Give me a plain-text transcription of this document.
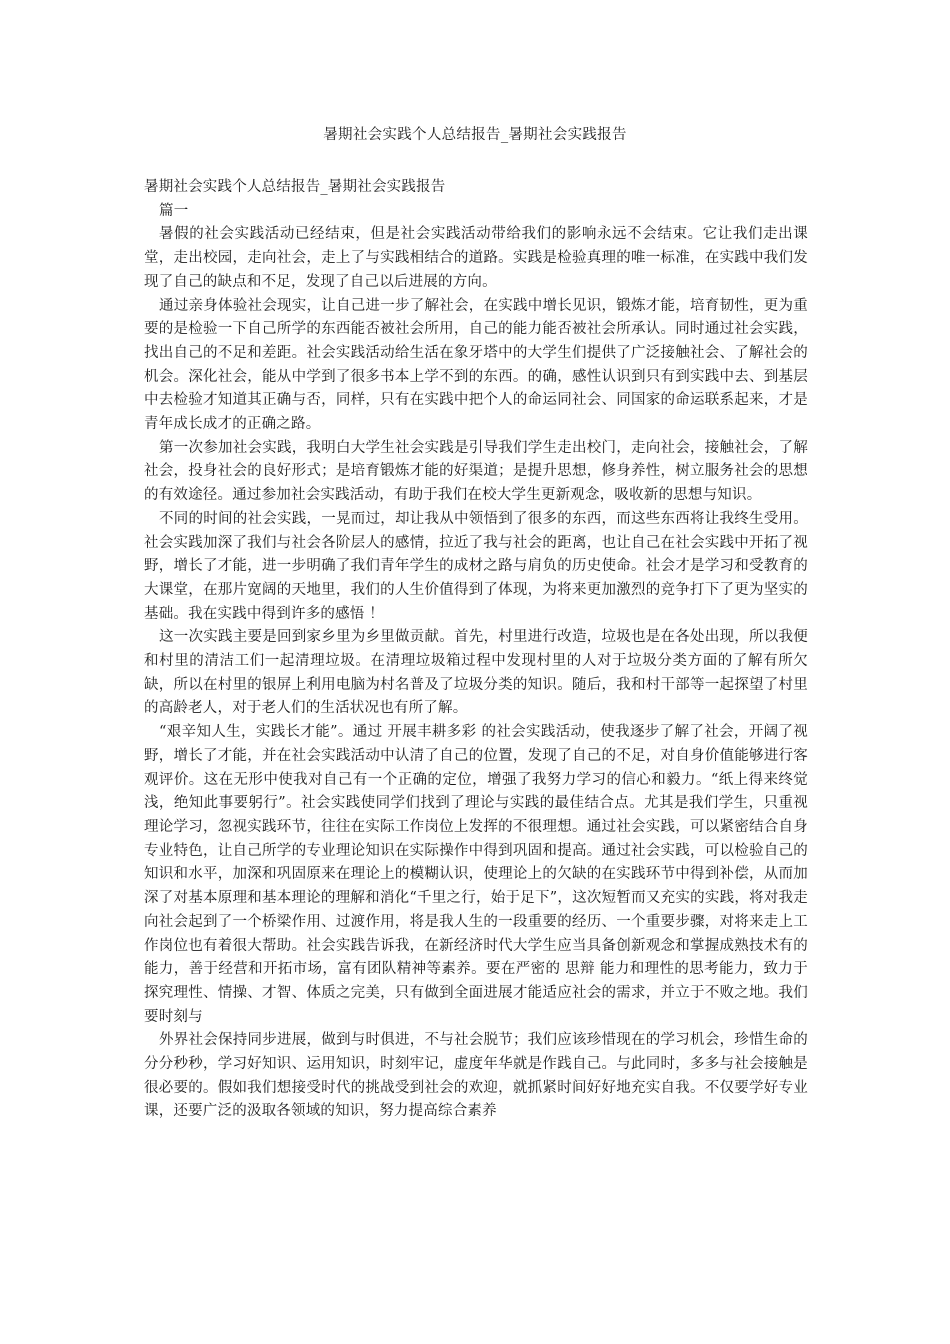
暑期社会实践个人总结报告_暑期社会实践报告

暑期社会实践个人总结报告_暑期社会实践报告

篇一

暑假的社会实践活动已经结束，但是社会实践活动带给我们的影响永远不会结束。它让我们走出课堂，走出校园，走向社会，走上了与实践相结合的道路。实践是检验真理的唯一标准，在实践中我们发现了自己的缺点和不足，发现了自己以后进展的方向。

通过亲身体验社会现实，让自己进一步了解社会，在实践中增长见识，锻炼才能，培育韧性，更为重要的是检验一下自己所学的东西能否被社会所用，自己的能力能否被社会所承认。同时通过社会实践，找出自己的不足和差距。社会实践活动给生活在象牙塔中的大学生们提供了广泛接触社会、了解社会的机会。深化社会，能从中学到了很多书本上学不到的东西。的确，感性认识到只有到实践中去、到基层中去检验才知道其正确与否，同样，只有在实践中把个人的命运同社会、同国家的命运联系起来，才是青年成长成才的正确之路。

第一次参加社会实践，我明白大学生社会实践是引导我们学生走出校门，走向社会，接触社会，了解社会，投身社会的良好形式；是培育锻炼才能的好渠道；是提升思想，修身养性，树立服务社会的思想的有效途径。通过参加社会实践活动，有助于我们在校大学生更新观念，吸收新的思想与知识。

不同的时间的社会实践，一晃而过，却让我从中领悟到了很多的东西，而这些东西将让我终生受用。社会实践加深了我们与社会各阶层人的感情，拉近了我与社会的距离，也让自己在社会实践中开拓了视野，增长了才能，进一步明确了我们青年学生的成材之路与肩负的历史使命。社会才是学习和受教育的大课堂，在那片宽阔的天地里，我们的人生价值得到了体现，为将来更加激烈的竞争打下了更为坚实的基础。我在实践中得到许多的感悟 ！

这一次实践主要是回到家乡里为乡里做贡献。首先，村里进行改造，垃圾也是在各处出现，所以我便和村里的清洁工们一起清理垃圾。在清理垃圾箱过程中发现村里的人对于垃圾分类方面的了解有所欠缺，所以在村里的银屏上利用电脑为村名普及了垃圾分类的知识。随后，我和村干部等一起探望了村里的高龄老人，对于老人们的生活状况也有所了解。

“艰辛知人生，实践长才能”。通过 开展丰耕多彩 的社会实践活动，使我逐步了解了社会，开阔了视野，增长了才能，并在社会实践活动中认清了自己的位置，发现了自己的不足，对自身价值能够进行客观评价。这在无形中使我对自己有一个正确的定位，增强了我努力学习的信心和毅力。“纸上得来终觉浅，绝知此事要躬行”。社会实践使同学们找到了理论与实践的最佳结合点。尤其是我们学生，只重视理论学习，忽视实践环节，往往在实际工作岗位上发挥的不很理想。通过社会实践，可以紧密结合自身专业特色，让自己所学的专业理论知识在实际操作中得到巩固和提高。通过社会实践，可以检验自己的知识和水平，加深和巩固原来在理论上的模糊认识，使理论上的欠缺的在实践环节中得到补偿，从而加深了对基本原理和基本理论的理解和消化“千里之行，始于足下”，这次短暂而又充实的实践，将对我走向社会起到了一个桥梁作用、过渡作用，将是我人生的一段重要的经历、一个重要步骤，对将来走上工作岗位也有着很大帮助。社会实践告诉我，在新经济时代大学生应当具备创新观念和掌握成熟技术有的能力，善于经营和开拓市场，富有团队精神等素养。要在严密的 思辩 能力和理性的思考能力，致力于探究理性、情操、才智、体质之完美，只有做到全面进展才能适应社会的需求，并立于不败之地。我们要时刻与

外界社会保持同步进展，做到与时俱进，不与社会脱节；我们应该珍惜现在的学习机会，珍惜生命的分分秒秒，学习好知识、运用知识，时刻牢记，虚度年华就是作践自己。与此同时，多多与社会接触是很必要的。假如我们想接受时代的挑战受到社会的欢迎，就抓紧时间好好地充实自我。不仅要学好专业课，还要广泛的汲取各领域的知识，努力提高综合素养
